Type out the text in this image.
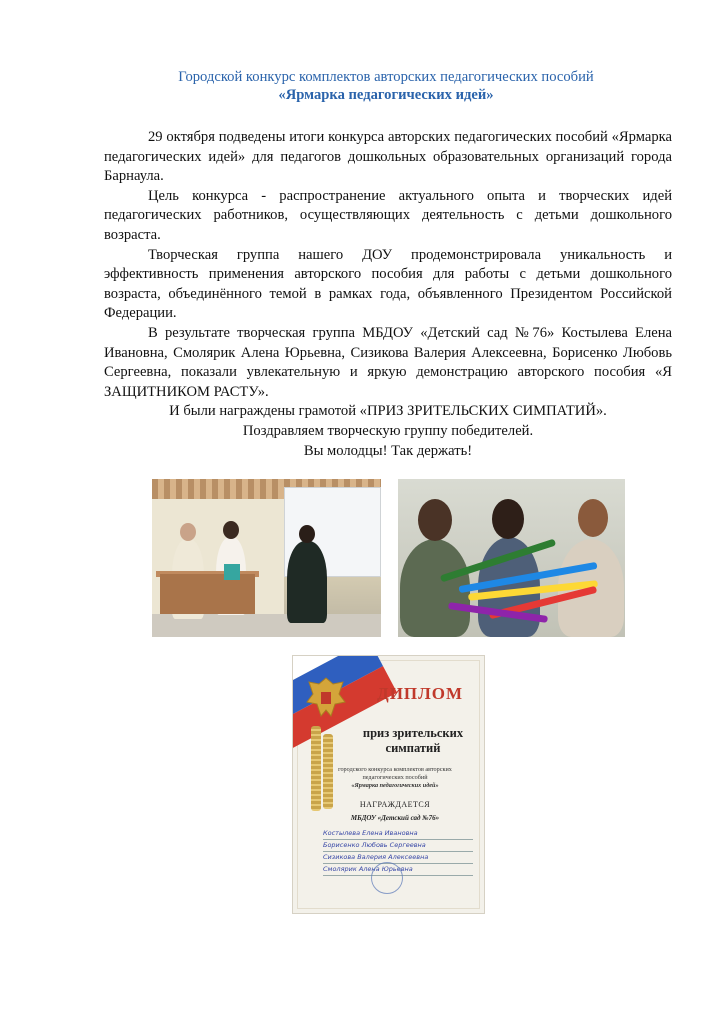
Городской конкурс комплектов авторских педагогических пособий
«Ярмарка педагогических идей»

29 октября подведены итоги конкурса авторских педагогических пособий «Ярмарка педагогических идей» для педагогов дошкольных образовательных организаций города Барнаула.

Цель конкурса - распространение актуального опыта и творческих идей педагогических работников, осуществляющих деятельность с детьми дошкольного возраста.

Творческая группа нашего ДОУ продемонстрировала уникальность и эффективность применения авторского пособия для работы с детьми дошкольного возраста, объединённого темой в рамках года, объявленного Президентом Российской Федерации.

В результате творческая группа МБДОУ «Детский сад №76» Костылева Елена Ивановна, Смолярик Алена Юрьевна, Сизикова Валерия Алексеевна, Борисенко Любовь Сергеевна, показали увлекательную и яркую демонстрацию авторского пособия «Я ЗАЩИТНИКОМ РАСТУ».

И были награждены грамотой «ПРИЗ ЗРИТЕЛЬСКИХ СИМПАТИЙ».

Поздравляем творческую группу победителей.

Вы молодцы! Так держать!

ДИПЛОМ
приз зрительских
симпатий
городского конкурса комплектов авторских
педагогических пособий
«Ярмарка педагогических идей»
НАГРАЖДАЕТСЯ
МБДОУ «Детский сад №76»
Костылева Елена Ивановна
Борисенко Любовь Сергеевна
Сизикова Валерия Алексеевна
Смолярик Алена Юрьевна
